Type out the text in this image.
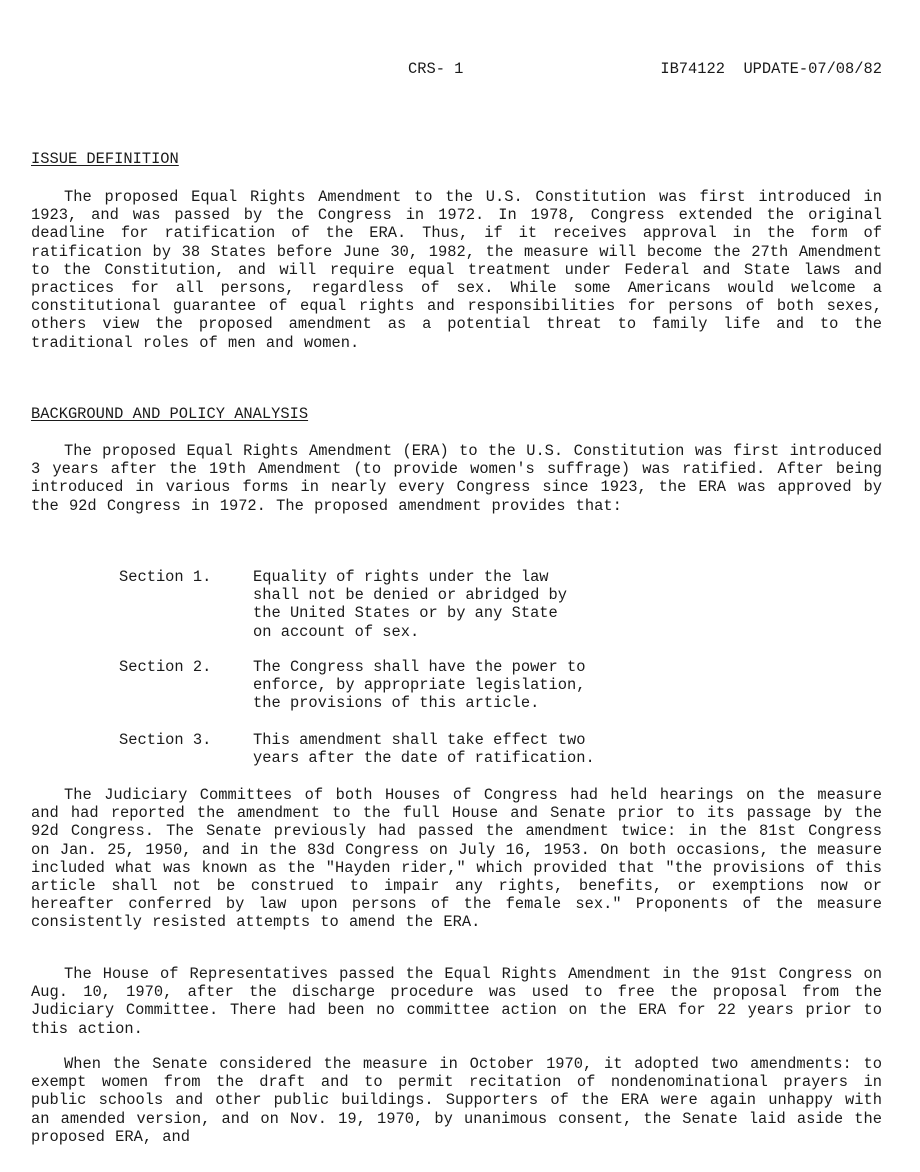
CRS- 1	IB74122  UPDATE-07/08/82
ISSUE DEFINITION
The proposed Equal Rights Amendment to the U.S. Constitution was first introduced in 1923, and was passed by the Congress in 1972. In 1978, Congress extended the original deadline for ratification of the ERA. Thus, if it receives approval in the form of ratification by 38 States before June 30, 1982, the measure will become the 27th Amendment to the Constitution, and will require equal treatment under Federal and State laws and practices for all persons, regardless of sex. While some Americans would welcome a constitutional guarantee of equal rights and responsibilities for persons of both sexes, others view the proposed amendment as a potential threat to family life and to the traditional roles of men and women.
BACKGROUND AND POLICY ANALYSIS
The proposed Equal Rights Amendment (ERA) to the U.S. Constitution was first introduced 3 years after the 19th Amendment (to provide women's suffrage) was ratified. After being introduced in various forms in nearly every Congress since 1923, the ERA was approved by the 92d Congress in 1972. The proposed amendment provides that:
Section 1.	Equality of rights under the law
shall not be denied or abridged by
the United States or by any State
on account of sex.
Section 2.	The Congress shall have the power to
enforce, by appropriate legislation,
the provisions of this article.
Section 3.	This amendment shall take effect two
years after the date of ratification.
The Judiciary Committees of both Houses of Congress had held hearings on the measure and had reported the amendment to the full House and Senate prior to its passage by the 92d Congress. The Senate previously had passed the amendment twice: in the 81st Congress on Jan. 25, 1950, and in the 83d Congress on July 16, 1953. On both occasions, the measure included what was known as the "Hayden rider," which provided that "the provisions of this article shall not be construed to impair any rights, benefits, or exemptions now or hereafter conferred by law upon persons of the female sex." Proponents of the measure consistently resisted attempts to amend the ERA.
The House of Representatives passed the Equal Rights Amendment in the 91st Congress on Aug. 10, 1970, after the discharge procedure was used to free the proposal from the Judiciary Committee. There had been no committee action on the ERA for 22 years prior to this action.
When the Senate considered the measure in October 1970, it adopted two amendments: to exempt women from the draft and to permit recitation of nondenominational prayers in public schools and other public buildings. Supporters of the ERA were again unhappy with an amended version, and on Nov. 19, 1970, by unanimous consent, the Senate laid aside the proposed ERA, and
